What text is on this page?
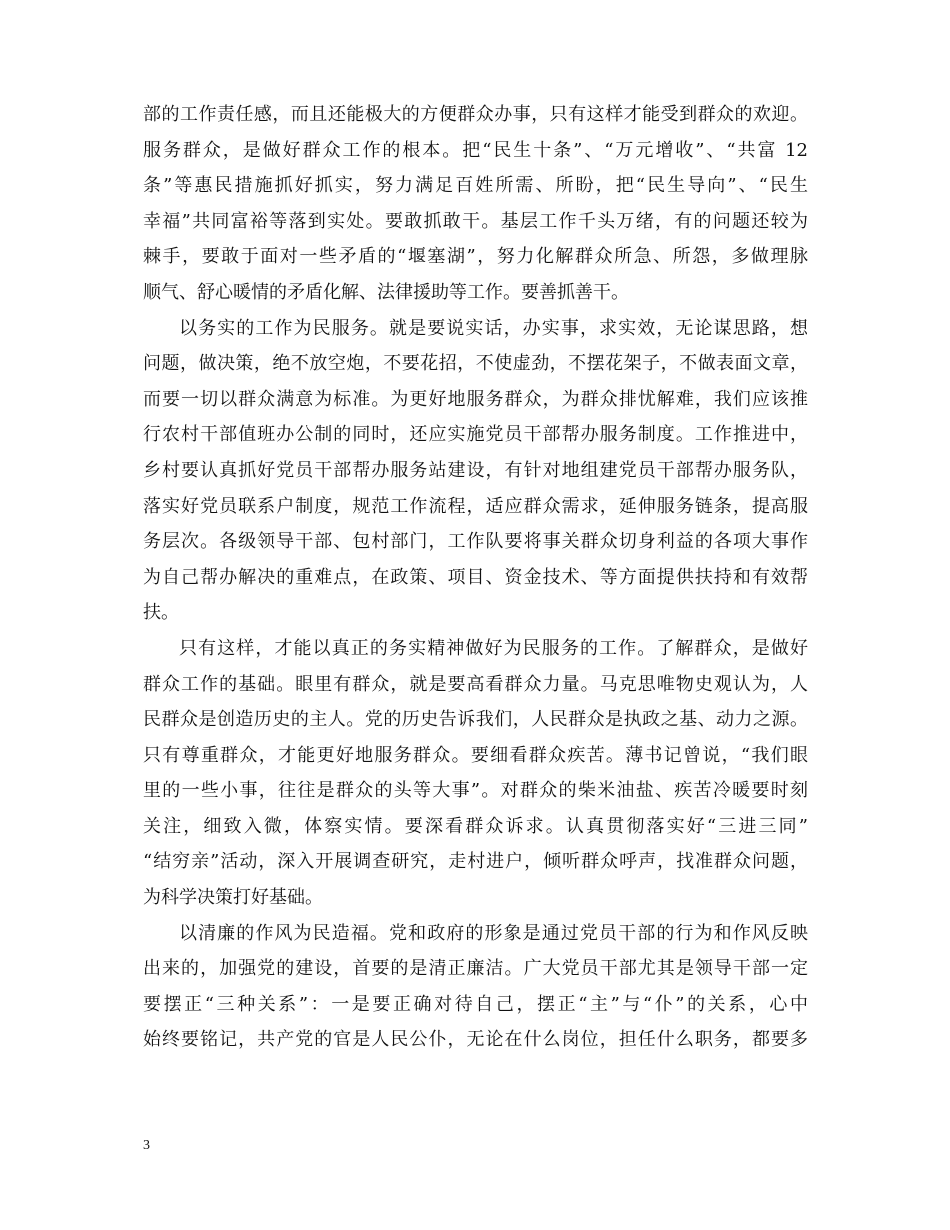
部的工作责任感，而且还能极大的方便群众办事，只有这样才能受到群众的欢迎。
服务群众，是做好群众工作的根本。把“民生十条”、“万元增收”、“共富 12
条”等惠民措施抓好抓实，努力满足百姓所需、所盼，把“民生导向”、“民生
幸福”共同富裕等落到实处。要敢抓敢干。基层工作千头万绪，有的问题还较为
棘手，要敢于面对一些矛盾的“堰塞湖”，努力化解群众所急、所怨，多做理脉
顺气、舒心暖情的矛盾化解、法律援助等工作。要善抓善干。
以务实的工作为民服务。就是要说实话，办实事，求实效，无论谋思路，想
问题，做决策，绝不放空炮，不要花招，不使虚劲，不摆花架子，不做表面文章，
而要一切以群众满意为标准。为更好地服务群众，为群众排忧解难，我们应该推
行农村干部值班办公制的同时，还应实施党员干部帮办服务制度。工作推进中，
乡村要认真抓好党员干部帮办服务站建设，有针对地组建党员干部帮办服务队，
落实好党员联系户制度，规范工作流程，适应群众需求，延伸服务链条，提高服
务层次。各级领导干部、包村部门，工作队要将事关群众切身利益的各项大事作
为自己帮办解决的重难点，在政策、项目、资金技术、等方面提供扶持和有效帮
扶。
只有这样，才能以真正的务实精神做好为民服务的工作。了解群众，是做好
群众工作的基础。眼里有群众，就是要高看群众力量。马克思唯物史观认为，人
民群众是创造历史的主人。党的历史告诉我们，人民群众是执政之基、动力之源。
只有尊重群众，才能更好地服务群众。要细看群众疾苦。薄书记曾说，“我们眼
里的一些小事，往往是群众的头等大事”。对群众的柴米油盐、疾苦冷暖要时刻
关注，细致入微，体察实情。要深看群众诉求。认真贯彻落实好“三进三同”
“结穷亲”活动，深入开展调查研究，走村进户，倾听群众呼声，找准群众问题，
为科学决策打好基础。
以清廉的作风为民造福。党和政府的形象是通过党员干部的行为和作风反映
出来的，加强党的建设，首要的是清正廉洁。广大党员干部尤其是领导干部一定
要摆正“三种关系”：一是要正确对待自己，摆正“主”与“仆”的关系，心中
始终要铭记，共产党的官是人民公仆，无论在什么岗位，担任什么职务，都要多
3
